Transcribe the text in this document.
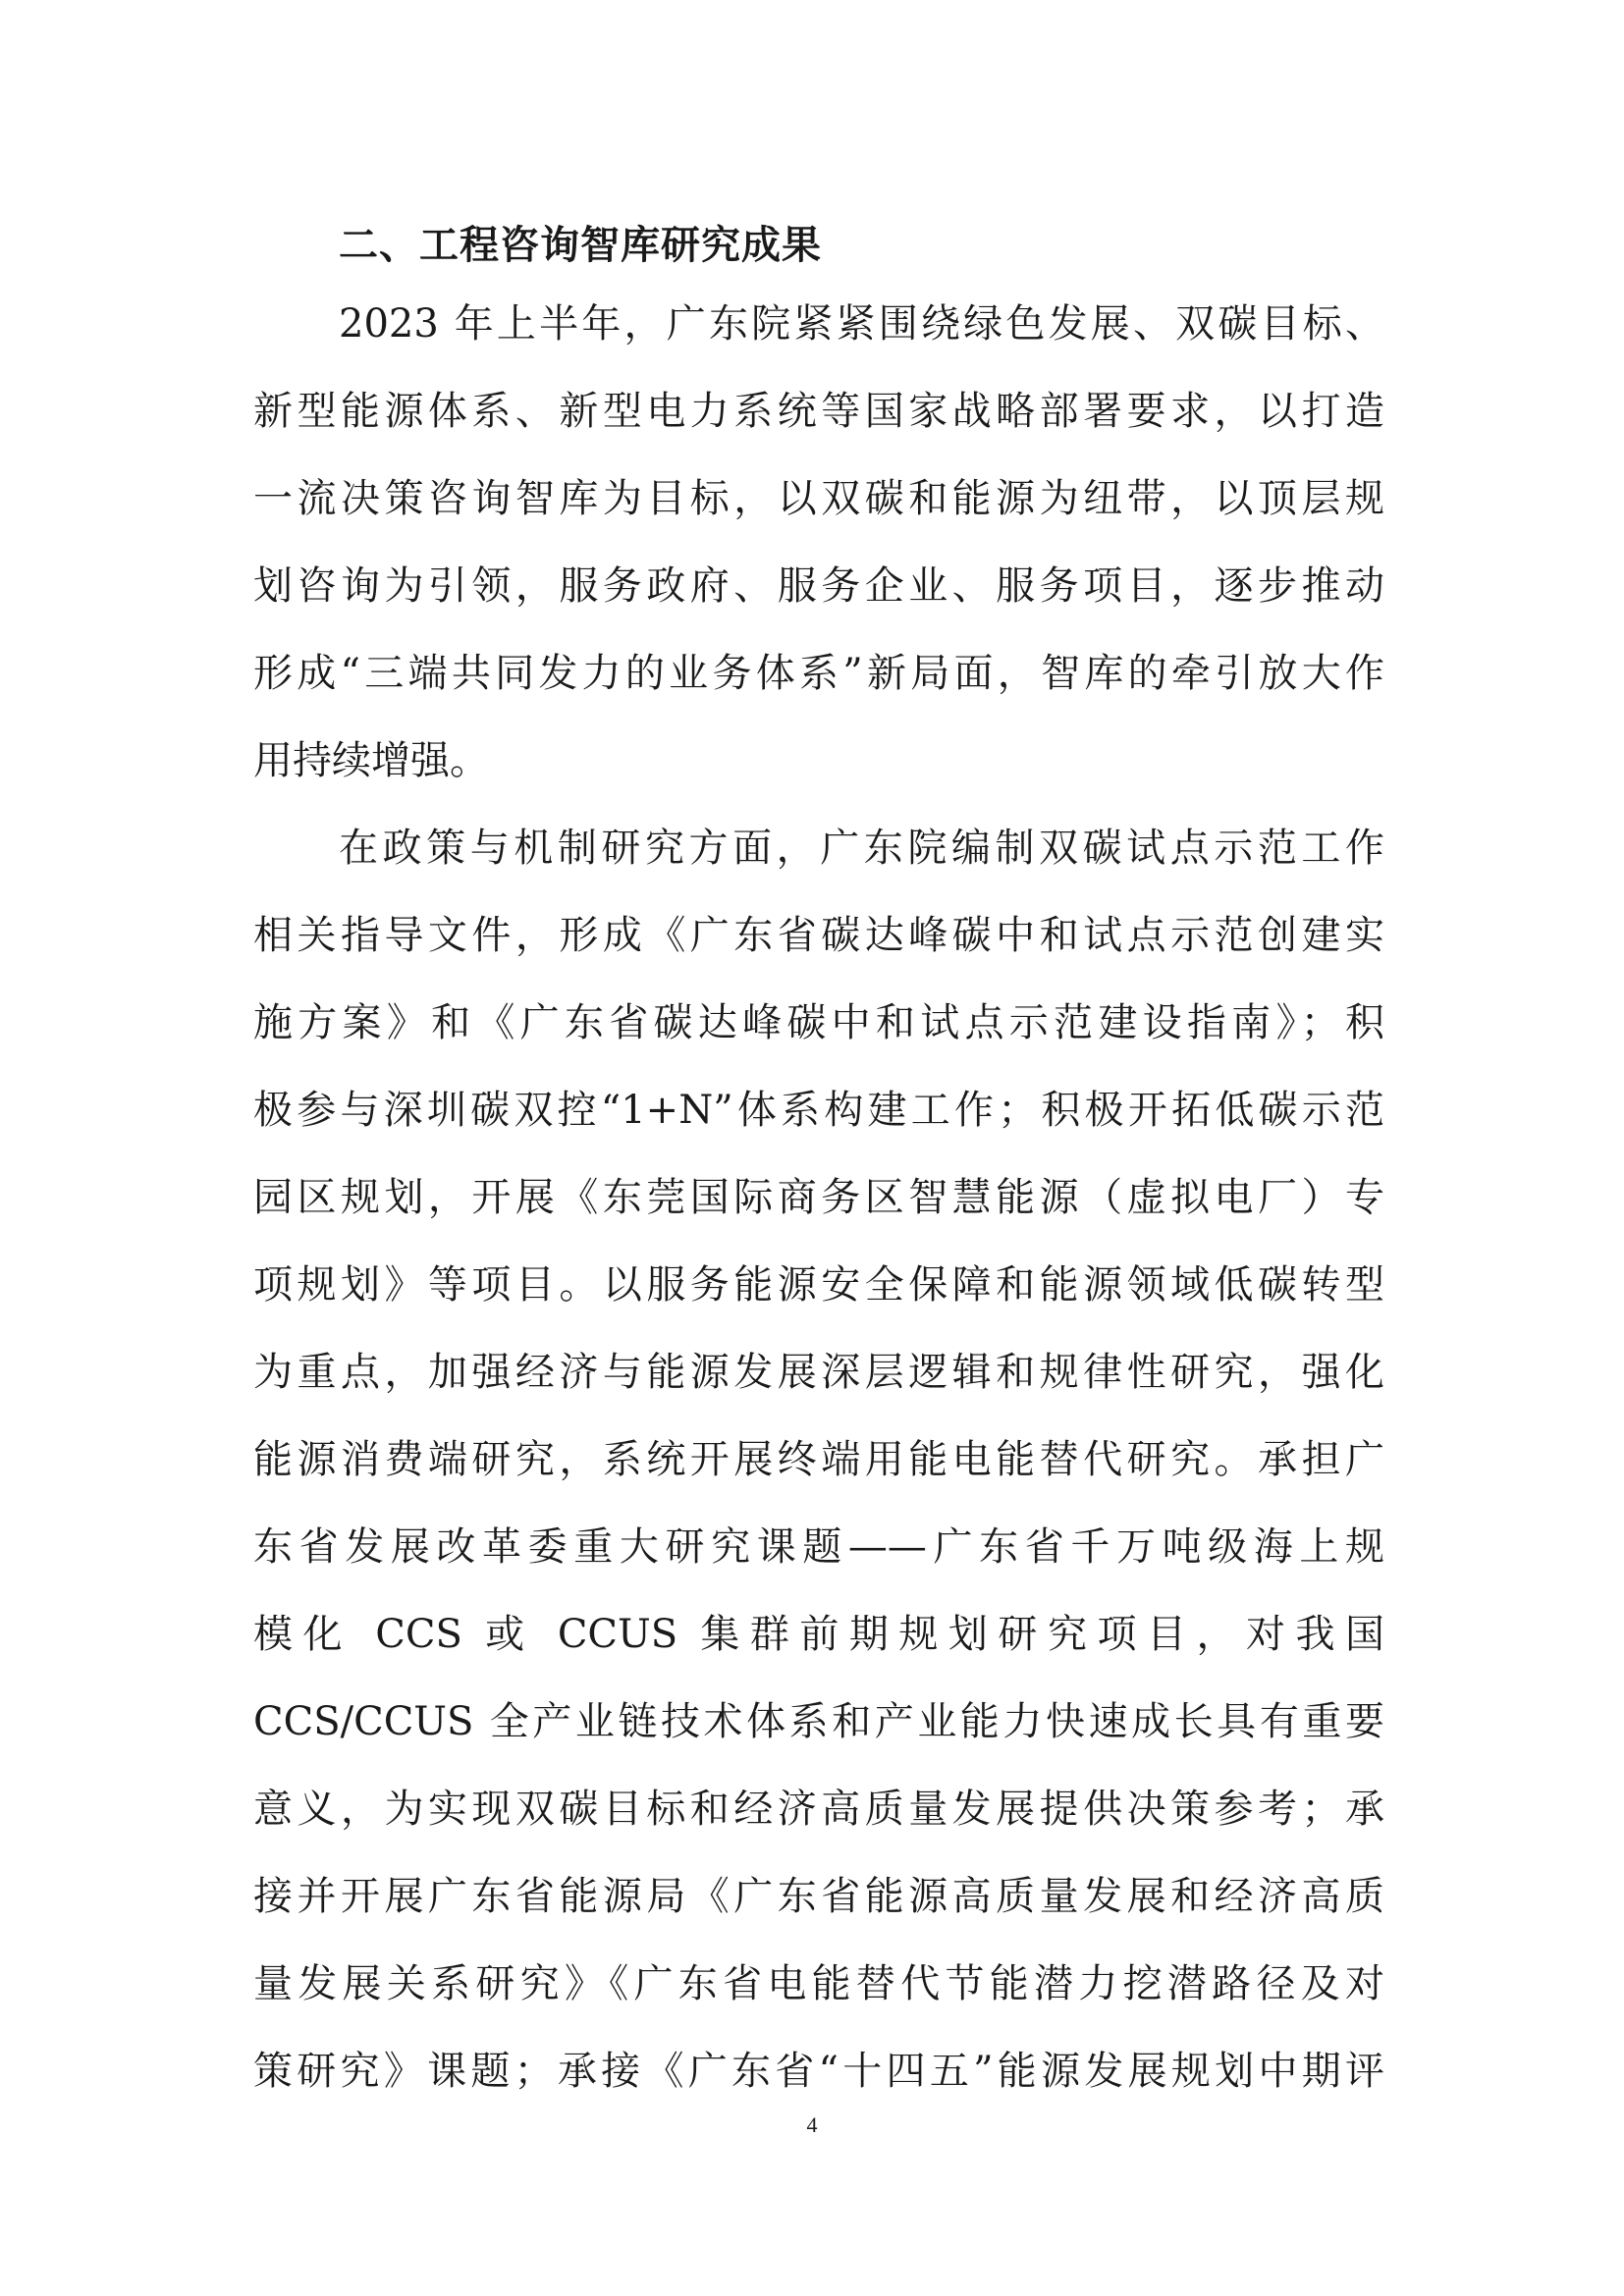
二、工程咨询智库研究成果
2023 年上半年，广东院紧紧围绕绿色发展、双碳目标、
新型能源体系、新型电力系统等国家战略部署要求，以打造
一流决策咨询智库为目标，以双碳和能源为纽带，以顶层规
划咨询为引领，服务政府、服务企业、服务项目，逐步推动
形成“三端共同发力的业务体系”新局面，智库的牵引放大作
用持续增强。
在政策与机制研究方面，广东院编制双碳试点示范工作
相关指导文件，形成《广东省碳达峰碳中和试点示范创建实
施方案》和《广东省碳达峰碳中和试点示范建设指南》；积
极参与深圳碳双控“1+N”体系构建工作；积极开拓低碳示范
园区规划，开展《东莞国际商务区智慧能源（虚拟电厂）专
项规划》等项目。以服务能源安全保障和能源领域低碳转型
为重点，加强经济与能源发展深层逻辑和规律性研究，强化
能源消费端研究，系统开展终端用能电能替代研究。承担广
东省发展改革委重大研究课题——广东省千万吨级海上规
模化 CCS 或 CCUS 集群前期规划研究项目，对我国
CCS/CCUS 全产业链技术体系和产业能力快速成长具有重要
意义，为实现双碳目标和经济高质量发展提供决策参考；承
接并开展广东省能源局《广东省能源高质量发展和经济高质
量发展关系研究》《广东省电能替代节能潜力挖潜路径及对
策研究》课题；承接《广东省“十四五”能源发展规划中期评
4
